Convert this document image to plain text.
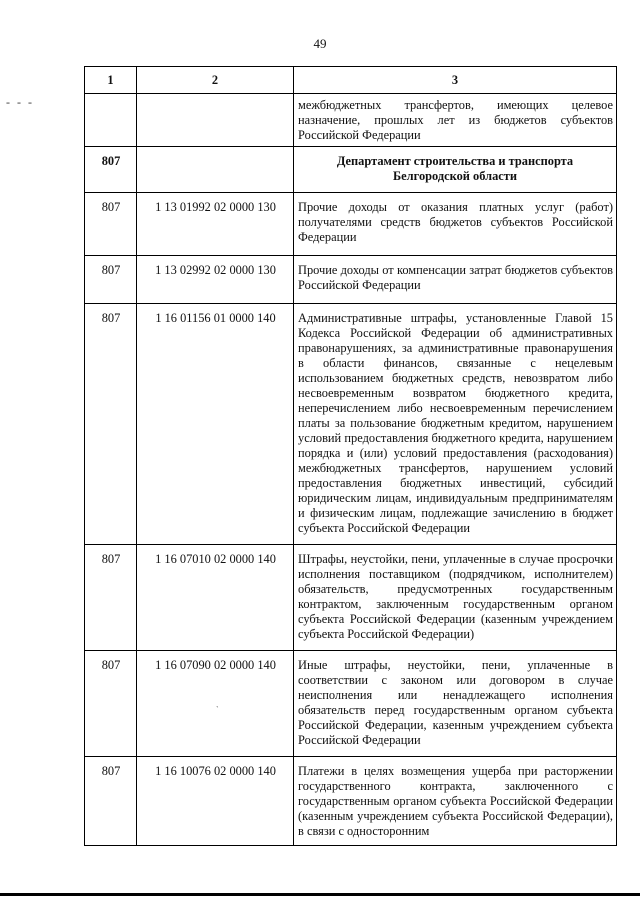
49
- - -
1	2	3
		межбюджетных трансфертов, имеющих целевое назначение, прошлых лет из бюджетов субъектов Российской Федерации
807		Департамент строительства и транспорта Белгородской области
807	1 13 01992 02 0000 130	Прочие доходы от оказания платных услуг (работ) получателями средств бюджетов субъектов Российской Федерации
807	1 13 02992 02 0000 130	Прочие доходы от компенсации затрат бюджетов субъектов Российской Федерации
807	1 16 01156 01 0000 140	Административные штрафы, установленные Главой 15 Кодекса Российской Федерации об административных правонарушениях, за административные правонарушения в области финансов, связанные с нецелевым использованием бюджетных средств, невозвратом либо несвоевременным возвратом бюджетного кредита, неперечислением либо несвоевременным перечислением платы за пользование бюджетным кредитом, нарушением условий предоставления бюджетного кредита, нарушением порядка и (или) условий предоставления (расходования) межбюджетных трансфертов, нарушением условий предоставления бюджетных инвестиций, субсидий юридическим лицам, индивидуальным предпринимателям и физическим лицам, подлежащие зачислению в бюджет субъекта Российской Федерации
807	1 16 07010 02 0000 140	Штрафы, неустойки, пени, уплаченные в случае просрочки исполнения поставщиком (подрядчиком, исполнителем) обязательств, предусмотренных государственным контрактом, заключенным государственным органом субъекта Российской Федерации (казенным учреждением субъекта Российской Федерации)
807	1 16 07090 02 0000 140	Иные штрафы, неустойки, пени, уплаченные в соответствии с законом или договором в случае неисполнения или ненадлежащего исполнения обязательств перед государственным органом субъекта Российской Федерации, казенным учреждением субъекта Российской Федерации
807	1 16 10076 02 0000 140	Платежи в целях возмещения ущерба при расторжении государственного контракта, заключенного с государственным органом субъекта Российской Федерации (казенным учреждением субъекта Российской Федерации), в связи с односторонним
`
